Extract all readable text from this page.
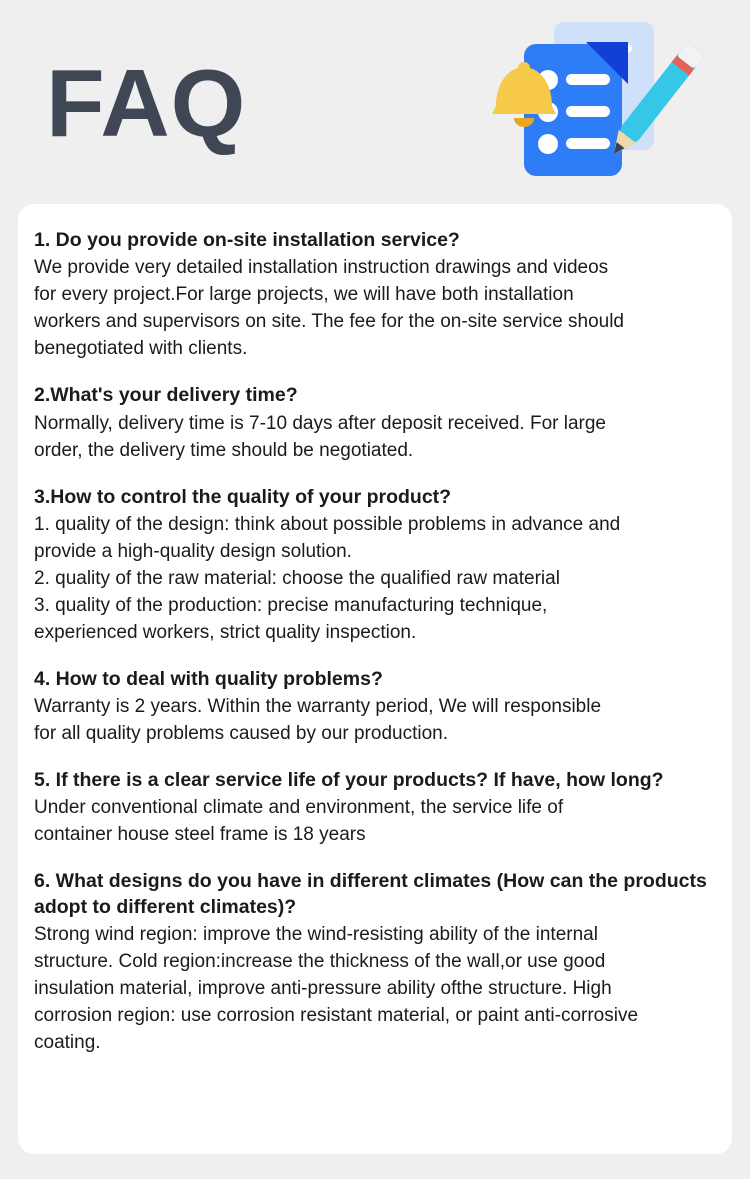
FAQ

1. Do you provide on-site installation service?

We provide very detailed installation instruction drawings and videos
for every project.For large projects, we will have both installation
workers and supervisors on site. The fee for the on-site service should
benegotiated with clients.

2.What's your delivery time?

Normally, delivery time is 7-10 days after deposit received. For large
order, the delivery time should be negotiated.

3.How to control the quality of your product?

1. quality of the design: think about possible problems in advance and
provide a high-quality design solution.
2. quality of the raw material: choose the qualified raw material
3. quality of the production: precise manufacturing technique,
experienced workers, strict quality inspection.

4. How to deal with quality problems?

Warranty is 2 years. Within the warranty period, We will responsible
for all quality problems caused by our production.

5. If there is a clear service life of your products? If have, how long?

Under conventional climate and environment, the service life of
container house steel frame is 18 years

6. What designs do you have in different climates (How can the products adopt to different climates)?

Strong wind region: improve the wind-resisting ability of the internal
structure. Cold region:increase the thickness of the wall,or use good
insulation material, improve anti-pressure ability ofthe structure. High
corrosion region: use corrosion resistant material, or paint anti-corrosive
coating.
